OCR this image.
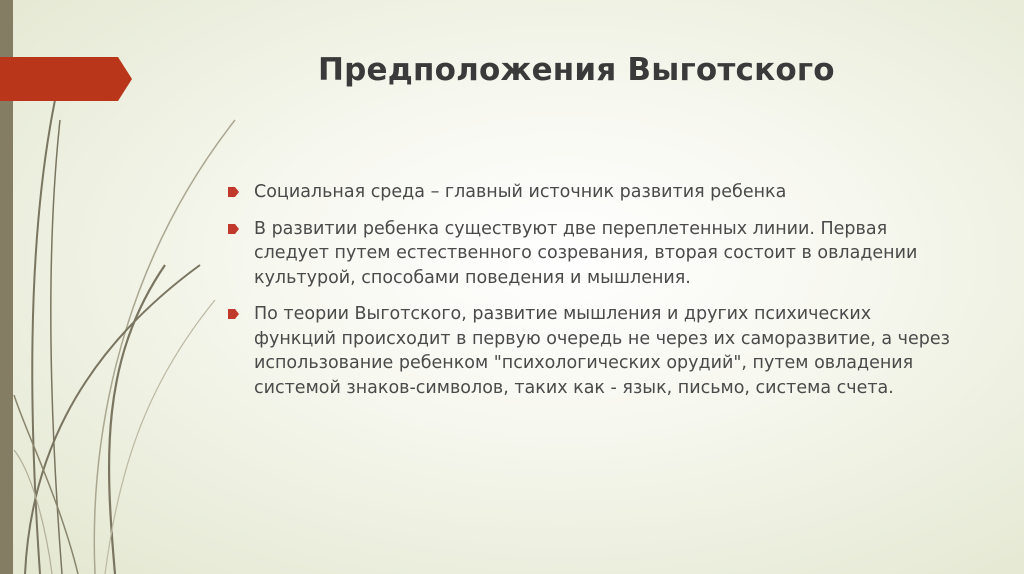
Предположения Выготского
Социальная среда – главный источник развития ребенка
В развитии ребенка существуют две переплетенных линии. Первая следует путем естественного созревания, вторая состоит в овладении культурой, способами поведения и мышления.
По теории Выготского, развитие мышления и других психических функций происходит в первую очередь не через их саморазвитие, а через использование ребенком "психологических орудий", путем овладения системой знаков-символов, таких как - язык, письмо, система счета.
